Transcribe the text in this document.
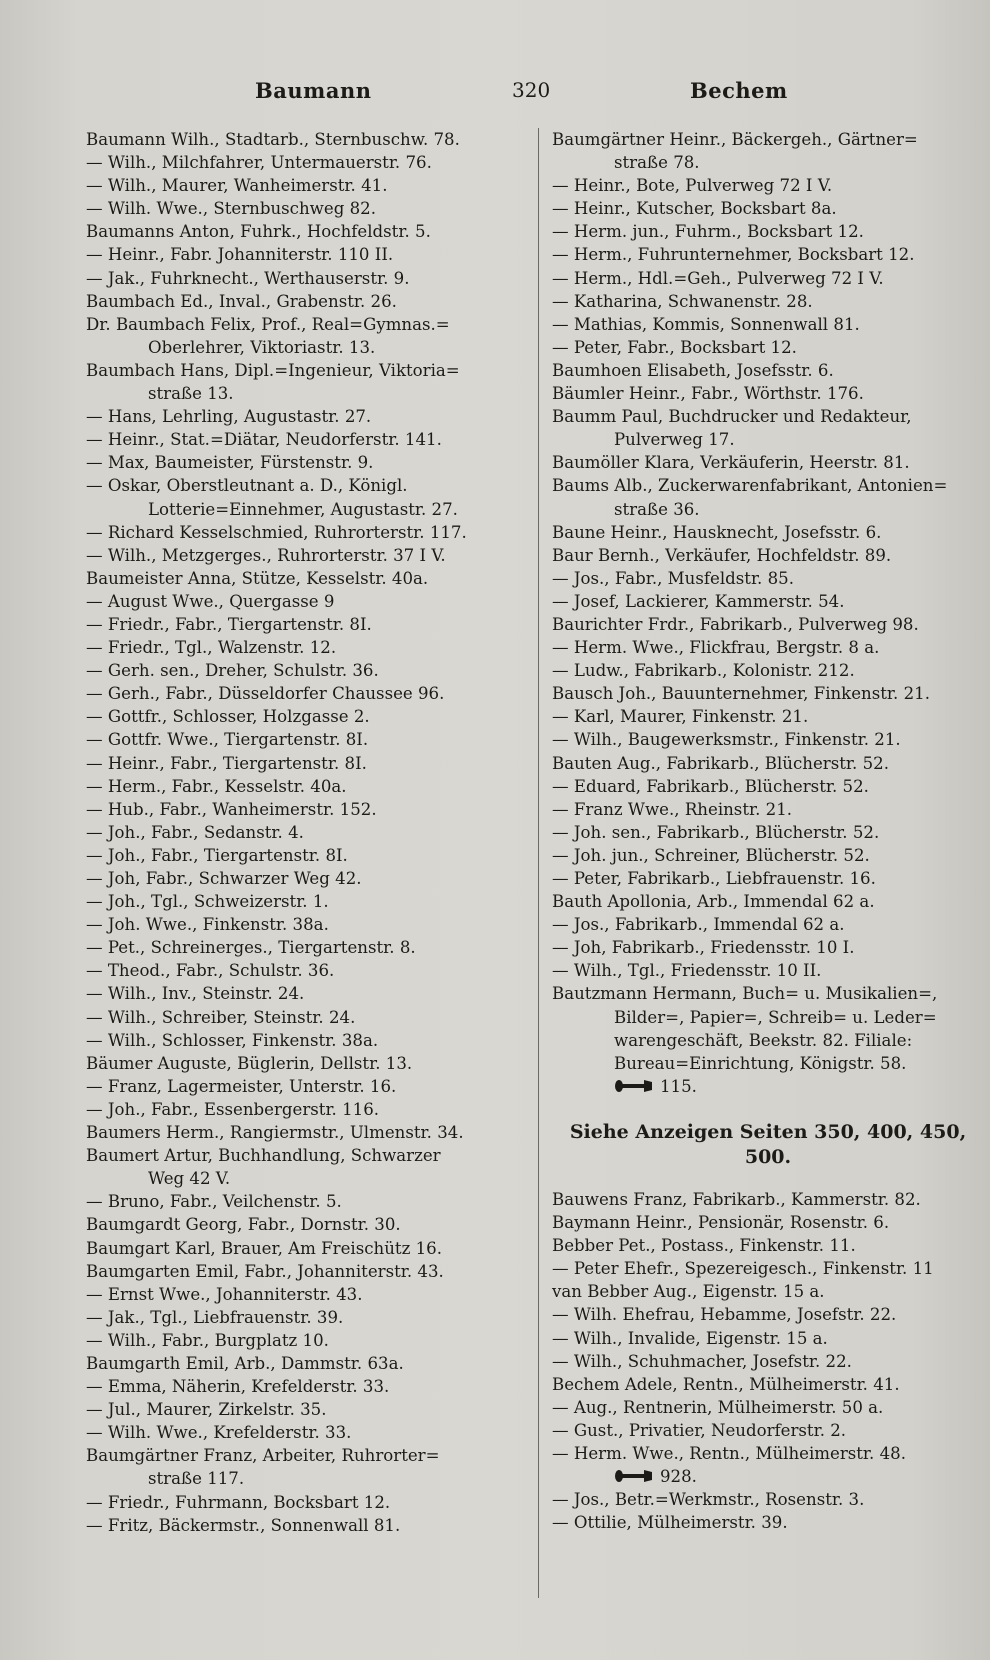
Baumann	320	Bechem
Baumann Wilh., Stadtarb., Sternbuschw. 78.
— Wilh., Milchfahrer, Untermauerstr. 76.
— Wilh., Maurer, Wanheimerstr. 41.
— Wilh. Wwe., Sternbuschweg 82.
Baumanns Anton, Fuhrk., Hochfeldstr. 5.
— Heinr., Fabr. Johanniterstr. 110 II.
— Jak., Fuhrknecht., Werthauserstr. 9.
Baumbach Ed., Inval., Grabenstr. 26.
Dr. Baumbach Felix, Prof., Real=Gymnas.=
Oberlehrer, Viktoriastr. 13.
Baumbach Hans, Dipl.=Ingenieur, Viktoria=
straße 13.
— Hans, Lehrling, Augustastr. 27.
— Heinr., Stat.=Diätar, Neudorferstr. 141.
— Max, Baumeister, Fürstenstr. 9.
— Oskar, Oberstleutnant a. D., Königl.
Lotterie=Einnehmer, Augustastr. 27.
— Richard Kesselschmied, Ruhrorterstr. 117.
— Wilh., Metzgerges., Ruhrorterstr. 37 I V.
Baumeister Anna, Stütze, Kesselstr. 40a.
— August Wwe., Quergasse 9
— Friedr., Fabr., Tiergartenstr. 8I.
— Friedr., Tgl., Walzenstr. 12.
— Gerh. sen., Dreher, Schulstr. 36.
— Gerh., Fabr., Düsseldorfer Chaussee 96.
— Gottfr., Schlosser, Holzgasse 2.
— Gottfr. Wwe., Tiergartenstr. 8I.
— Heinr., Fabr., Tiergartenstr. 8I.
— Herm., Fabr., Kesselstr. 40a.
— Hub., Fabr., Wanheimerstr. 152.
— Joh., Fabr., Sedanstr. 4.
— Joh., Fabr., Tiergartenstr. 8I.
— Joh, Fabr., Schwarzer Weg 42.
— Joh., Tgl., Schweizerstr. 1.
— Joh. Wwe., Finkenstr. 38a.
— Pet., Schreinerges., Tiergartenstr. 8.
— Theod., Fabr., Schulstr. 36.
— Wilh., Inv., Steinstr. 24.
— Wilh., Schreiber, Steinstr. 24.
— Wilh., Schlosser, Finkenstr. 38a.
Bäumer Auguste, Büglerin, Dellstr. 13.
— Franz, Lagermeister, Unterstr. 16.
— Joh., Fabr., Essenbergerstr. 116.
Baumers Herm., Rangiermstr., Ulmenstr. 34.
Baumert Artur, Buchhandlung, Schwarzer
Weg 42 V.
— Bruno, Fabr., Veilchenstr. 5.
Baumgardt Georg, Fabr., Dornstr. 30.
Baumgart Karl, Brauer, Am Freischütz 16.
Baumgarten Emil, Fabr., Johanniterstr. 43.
— Ernst Wwe., Johanniterstr. 43.
— Jak., Tgl., Liebfrauenstr. 39.
— Wilh., Fabr., Burgplatz 10.
Baumgarth Emil, Arb., Dammstr. 63a.
— Emma, Näherin, Krefelderstr. 33.
— Jul., Maurer, Zirkelstr. 35.
— Wilh. Wwe., Krefelderstr. 33.
Baumgärtner Franz, Arbeiter, Ruhrorter=
straße 117.
— Friedr., Fuhrmann, Bocksbart 12.
— Fritz, Bäckermstr., Sonnenwall 81.
Baumgärtner Heinr., Bäckergeh., Gärtner=
straße 78.
— Heinr., Bote, Pulverweg 72 I V.
— Heinr., Kutscher, Bocksbart 8a.
— Herm. jun., Fuhrm., Bocksbart 12.
— Herm., Fuhrunternehmer, Bocksbart 12.
— Herm., Hdl.=Geh., Pulverweg 72 I V.
— Katharina, Schwanenstr. 28.
— Mathias, Kommis, Sonnenwall 81.
— Peter, Fabr., Bocksbart 12.
Baumhoen Elisabeth, Josefsstr. 6.
Bäumler Heinr., Fabr., Wörthstr. 176.
Baumm Paul, Buchdrucker und Redakteur,
Pulverweg 17.
Baumöller Klara, Verkäuferin, Heerstr. 81.
Baums Alb., Zuckerwarenfabrikant, Antonien=
straße 36.
Baune Heinr., Hausknecht, Josefsstr. 6.
Baur Bernh., Verkäufer, Hochfeldstr. 89.
— Jos., Fabr., Musfeldstr. 85.
— Josef, Lackierer, Kammerstr. 54.
Baurichter Frdr., Fabrikarb., Pulverweg 98.
— Herm. Wwe., Flickfrau, Bergstr. 8 a.
— Ludw., Fabrikarb., Kolonistr. 212.
Bausch Joh., Bauunternehmer, Finkenstr. 21.
— Karl, Maurer, Finkenstr. 21.
— Wilh., Baugewerksmstr., Finkenstr. 21.
Bauten Aug., Fabrikarb., Blücherstr. 52.
— Eduard, Fabrikarb., Blücherstr. 52.
— Franz Wwe., Rheinstr. 21.
— Joh. sen., Fabrikarb., Blücherstr. 52.
— Joh. jun., Schreiner, Blücherstr. 52.
— Peter, Fabrikarb., Liebfrauenstr. 16.
Bauth Apollonia, Arb., Immendal 62 a.
— Jos., Fabrikarb., Immendal 62 a.
— Joh, Fabrikarb., Friedensstr. 10 I.
— Wilh., Tgl., Friedensstr. 10 II.
Bautzmann Hermann, Buch= u. Musikalien=,
Bilder=, Papier=, Schreib= u. Leder=
warengeschäft, Beekstr. 82. Filiale:
Bureau=Einrichtung, Königstr. 58.
115.
Siehe Anzeigen Seiten 350, 400, 450, 500.
Bauwens Franz, Fabrikarb., Kammerstr. 82.
Baymann Heinr., Pensionär, Rosenstr. 6.
Bebber Pet., Postass., Finkenstr. 11.
— Peter Ehefr., Spezereigesch., Finkenstr. 11
van Bebber Aug., Eigenstr. 15 a.
— Wilh. Ehefrau, Hebamme, Josefstr. 22.
— Wilh., Invalide, Eigenstr. 15 a.
— Wilh., Schuhmacher, Josefstr. 22.
Bechem Adele, Rentn., Mülheimerstr. 41.
— Aug., Rentnerin, Mülheimerstr. 50 a.
— Gust., Privatier, Neudorferstr. 2.
— Herm. Wwe., Rentn., Mülheimerstr. 48.
928.
— Jos., Betr.=Werkmstr., Rosenstr. 3.
— Ottilie, Mülheimerstr. 39.
